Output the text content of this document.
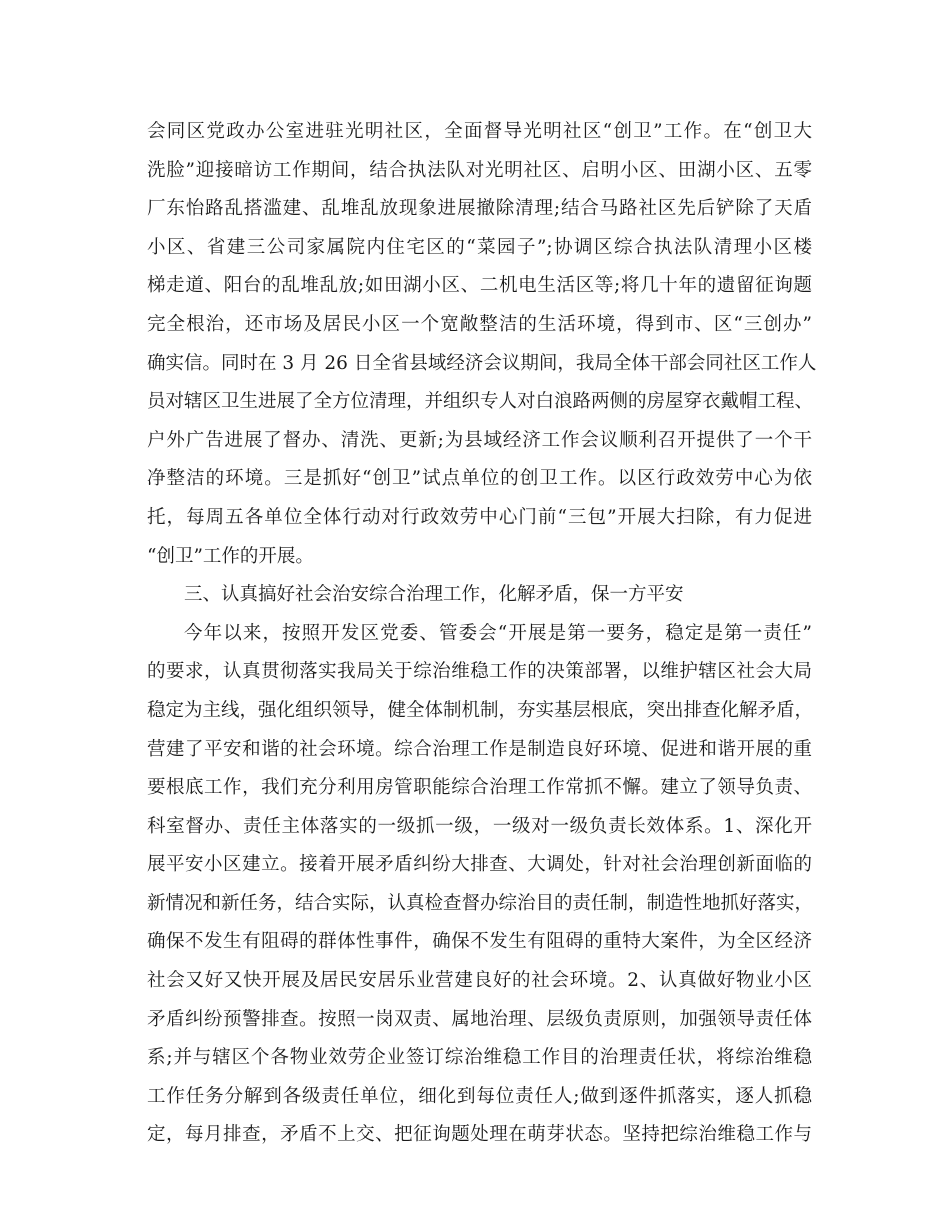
会同区党政办公室进驻光明社区，全面督导光明社区“创卫”工作。在“创卫大
洗脸”迎接暗访工作期间，结合执法队对光明社区、启明小区、田湖小区、五零
厂东怡路乱搭滥建、乱堆乱放现象进展撤除清理;结合马路社区先后铲除了天盾
小区、省建三公司家属院内住宅区的“菜园子”;协调区综合执法队清理小区楼
梯走道、阳台的乱堆乱放;如田湖小区、二机电生活区等;将几十年的遗留征询题
完全根治，还市场及居民小区一个宽敞整洁的生活环境，得到市、区“三创办”
确实信。同时在 3 月 26 日全省县域经济会议期间，我局全体干部会同社区工作人
员对辖区卫生进展了全方位清理，并组织专人对白浪路两侧的房屋穿衣戴帽工程、
户外广告进展了督办、清洗、更新;为县域经济工作会议顺利召开提供了一个干
净整洁的环境。三是抓好“创卫”试点单位的创卫工作。以区行政效劳中心为依
托，每周五各单位全体行动对行政效劳中心门前“三包”开展大扫除，有力促进
“创卫”工作的开展。
三、认真搞好社会治安综合治理工作，化解矛盾，保一方平安
今年以来，按照开发区党委、管委会“开展是第一要务，稳定是第一责任”
的要求，认真贯彻落实我局关于综治维稳工作的决策部署，以维护辖区社会大局
稳定为主线，强化组织领导，健全体制机制，夯实基层根底，突出排查化解矛盾，
营建了平安和谐的社会环境。综合治理工作是制造良好环境、促进和谐开展的重
要根底工作，我们充分利用房管职能综合治理工作常抓不懈。建立了领导负责、
科室督办、责任主体落实的一级抓一级，一级对一级负责长效体系。1、深化开
展平安小区建立。接着开展矛盾纠纷大排查、大调处，针对社会治理创新面临的
新情况和新任务，结合实际，认真检查督办综治目的责任制，制造性地抓好落实，
确保不发生有阻碍的群体性事件，确保不发生有阻碍的重特大案件，为全区经济
社会又好又快开展及居民安居乐业营建良好的社会环境。2、认真做好物业小区
矛盾纠纷预警排查。按照一岗双责、属地治理、层级负责原则，加强领导责任体
系;并与辖区个各物业效劳企业签订综治维稳工作目的治理责任状，将综治维稳
工作任务分解到各级责任单位，细化到每位责任人;做到逐件抓落实，逐人抓稳
定，每月排查，矛盾不上交、把征询题处理在萌芽状态。坚持把综治维稳工作与
